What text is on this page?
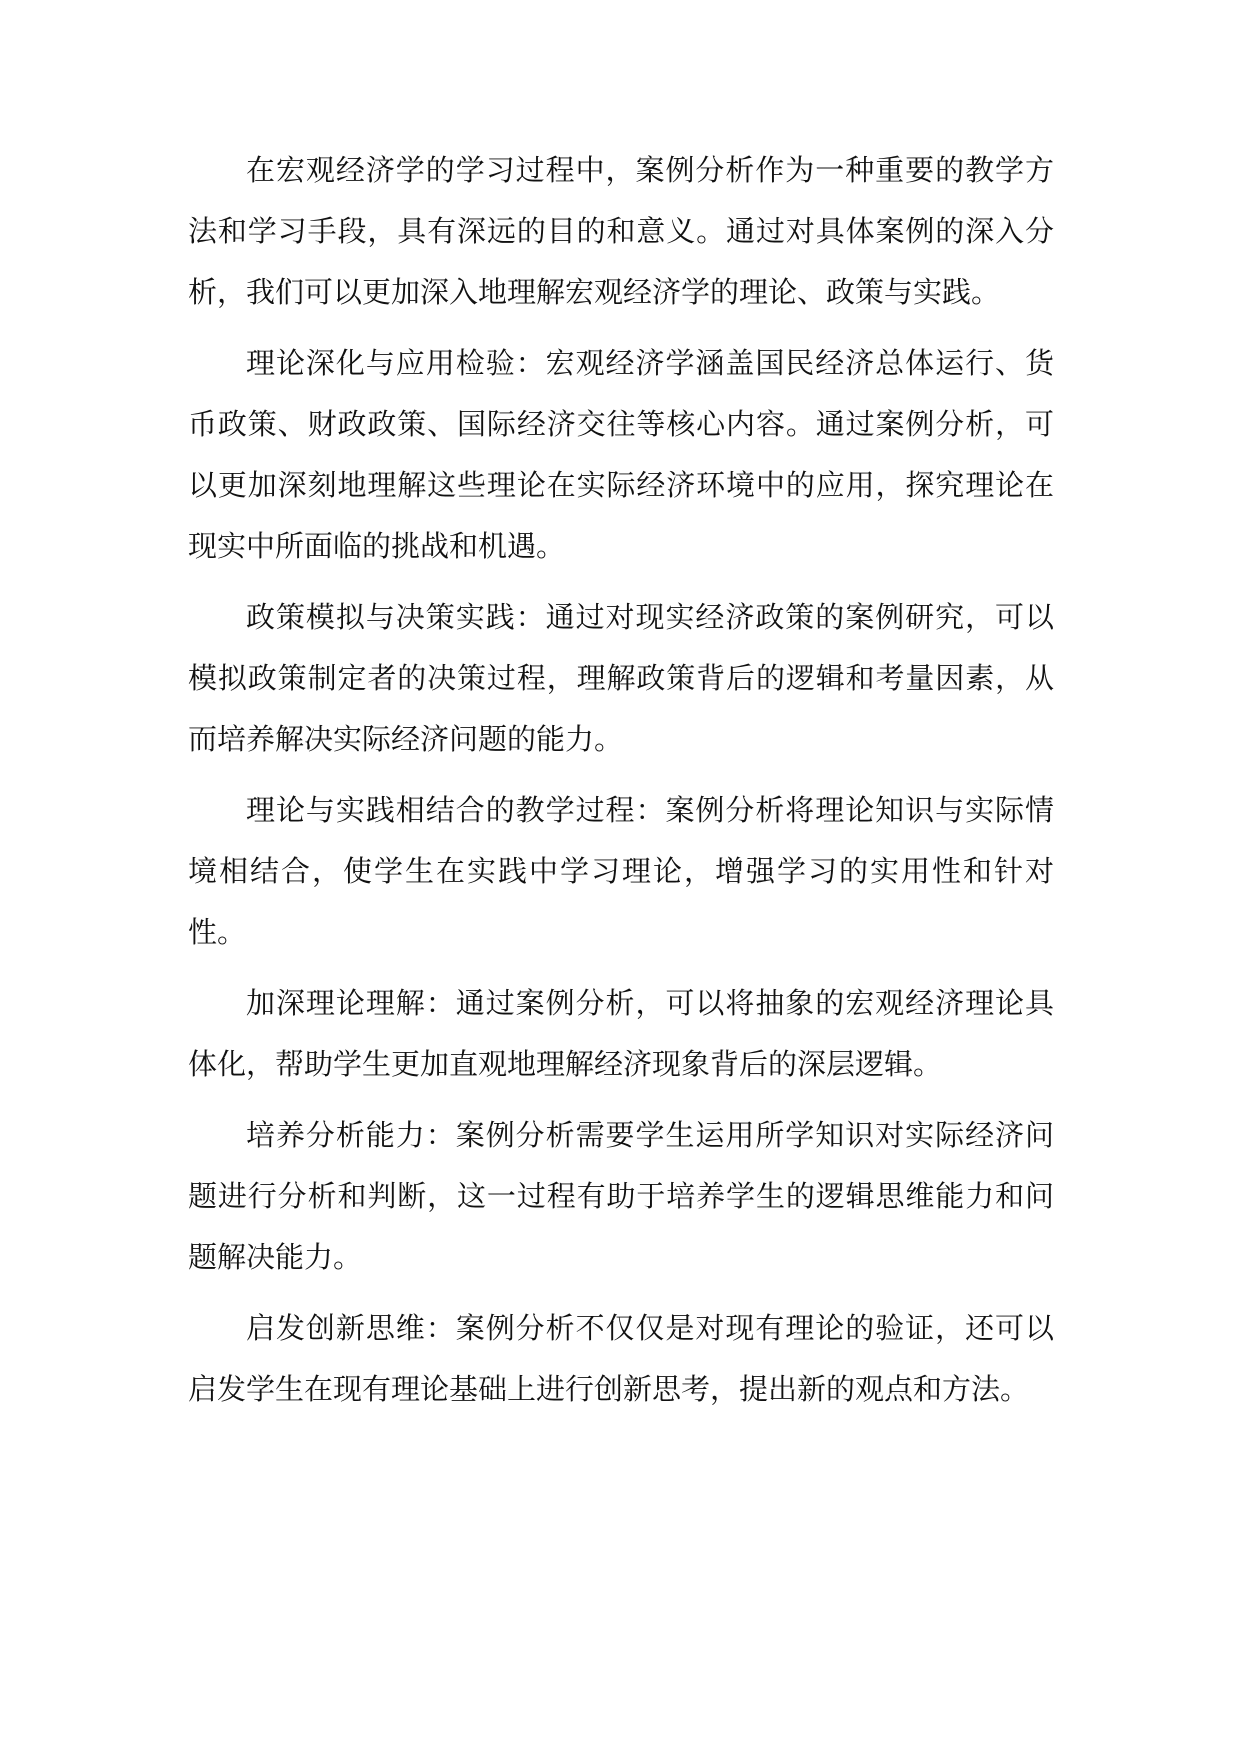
在宏观经济学的学习过程中，案例分析作为一种重要的教学方法和学习手段，具有深远的目的和意义。通过对具体案例的深入分析，我们可以更加深入地理解宏观经济学的理论、政策与实践。

理论深化与应用检验：宏观经济学涵盖国民经济总体运行、货币政策、财政政策、国际经济交往等核心内容。通过案例分析，可以更加深刻地理解这些理论在实际经济环境中的应用，探究理论在现实中所面临的挑战和机遇。

政策模拟与决策实践：通过对现实经济政策的案例研究，可以模拟政策制定者的决策过程，理解政策背后的逻辑和考量因素，从而培养解决实际经济问题的能力。

理论与实践相结合的教学过程：案例分析将理论知识与实际情境相结合，使学生在实践中学习理论，增强学习的实用性和针对性。

加深理论理解：通过案例分析，可以将抽象的宏观经济理论具体化，帮助学生更加直观地理解经济现象背后的深层逻辑。

培养分析能力：案例分析需要学生运用所学知识对实际经济问题进行分析和判断，这一过程有助于培养学生的逻辑思维能力和问题解决能力。

启发创新思维：案例分析不仅仅是对现有理论的验证，还可以启发学生在现有理论基础上进行创新思考，提出新的观点和方法。
